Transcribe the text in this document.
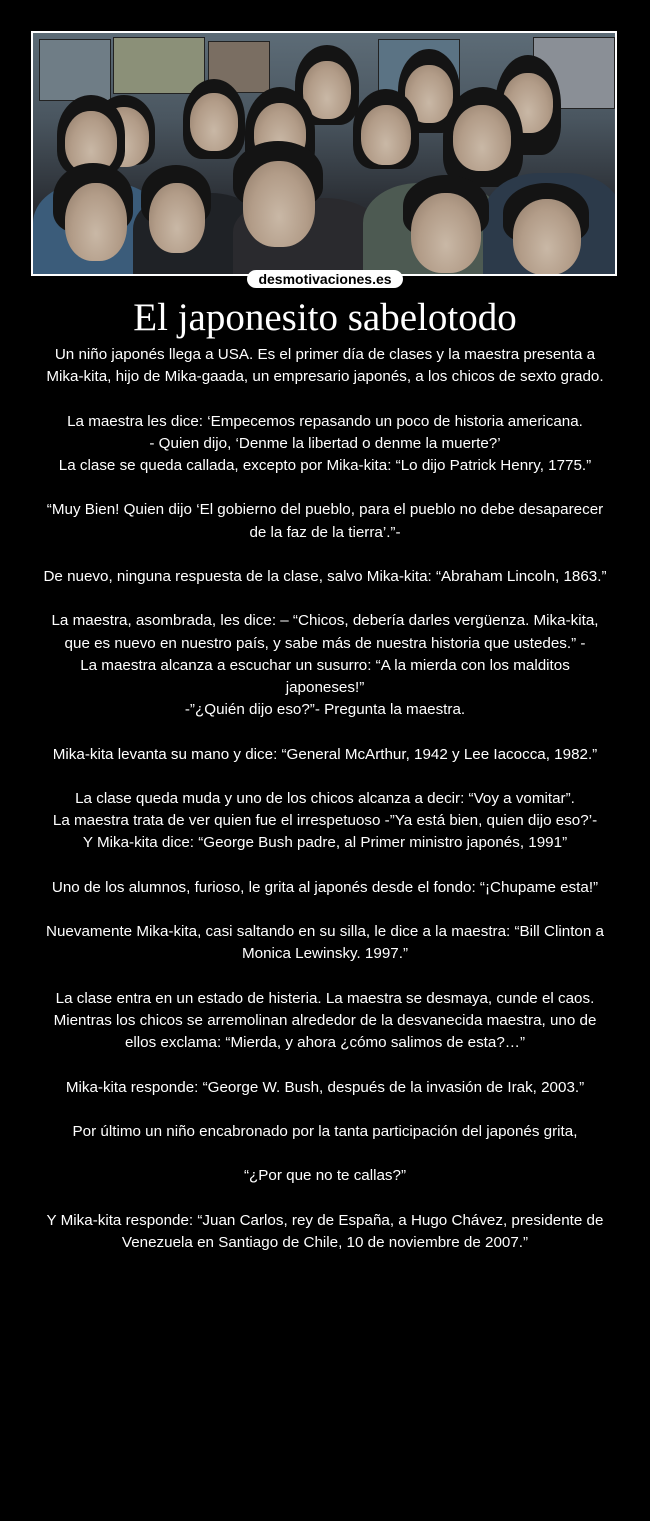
desmotivaciones.es
El japonesito sabelotodo

Un niño japonés llega a USA. Es el primer día de clases y la maestra presenta a Mika-kita, hijo de Mika-gaada, un empresario japonés, a los chicos de sexto grado.

La maestra les dice: ‘Empecemos repasando un poco de historia americana.
- Quien dijo, ‘Denme la libertad o denme la muerte?’
La clase se queda callada, excepto por Mika-kita: “Lo dijo Patrick Henry, 1775.”

“Muy Bien! Quien dijo ‘El gobierno del pueblo, para el pueblo no debe desaparecer de la faz de la tierra’.”-

De nuevo, ninguna respuesta de la clase, salvo Mika-kita: “Abraham Lincoln, 1863.”

La maestra, asombrada, les dice: – “Chicos, debería darles vergüenza. Mika-kita, que es nuevo en nuestro país, y sabe más de nuestra historia que ustedes.” -
La maestra alcanza a escuchar un susurro: “A la mierda con los malditos japoneses!”
-”¿Quién dijo eso?”- Pregunta la maestra.

Mika-kita levanta su mano y dice: “General McArthur, 1942 y Lee Iacocca, 1982.”

La clase queda muda y uno de los chicos alcanza a decir: “Voy a vomitar”.
La maestra trata de ver quien fue el irrespetuoso -”Ya está bien, quien dijo eso?’-
Y Mika-kita dice: “George Bush padre, al Primer ministro japonés, 1991”

Uno de los alumnos, furioso, le grita al japonés desde el fondo: “¡Chupame esta!”

Nuevamente Mika-kita, casi saltando en su silla, le dice a la maestra: “Bill Clinton a Monica Lewinsky. 1997.”

La clase entra en un estado de histeria. La maestra se desmaya, cunde el caos. Mientras los chicos se arremolinan alrededor de la desvanecida maestra, uno de ellos exclama: “Mierda, y ahora ¿cómo salimos de esta?…”

Mika-kita responde: “George W. Bush, después de la invasión de Irak, 2003.”

Por último un niño encabronado por la tanta participación del japonés grita,

“¿Por que no te callas?”

Y Mika-kita responde: “Juan Carlos, rey de España, a Hugo Chávez, presidente de Venezuela en Santiago de Chile, 10 de noviembre de 2007.”
